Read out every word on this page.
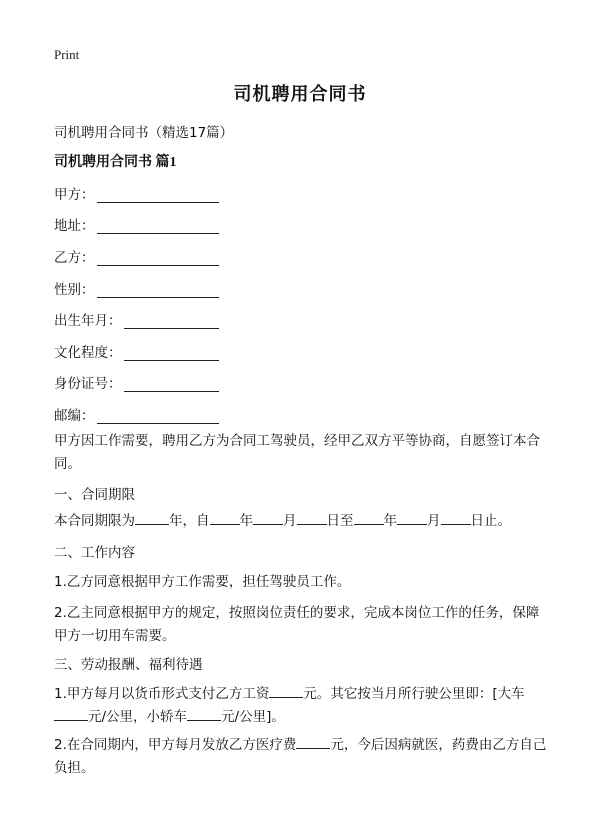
Print
司机聘用合同书
司机聘用合同书（精选17篇）
司机聘用合同书 篇1
甲方：
地址：
乙方：
性别：
出生年月：
文化程度：
身份证号：
邮编：
甲方因工作需要，聘用乙方为合同工驾驶员，经甲乙双方平等协商，自愿签订本合同。
一、合同期限
本合同期限为	年，自 年 月 日至 年 月 日止。
二、工作内容
1.乙方同意根据甲方工作需要，担任驾驶员工作。
2.乙主同意根据甲方的规定，按照岗位责任的要求，完成本岗位工作的任务，保障甲方一切用车需要。
三、劳动报酬、福利待遇
1.甲方每月以货币形式支付乙方工资	元。其它按当月所行驶公里即：[大车
元/公里，小轿车	元/公里]。
2.在合同期内，甲方每月发放乙方医疗费	元，今后因病就医，药费由乙方自己负担。
